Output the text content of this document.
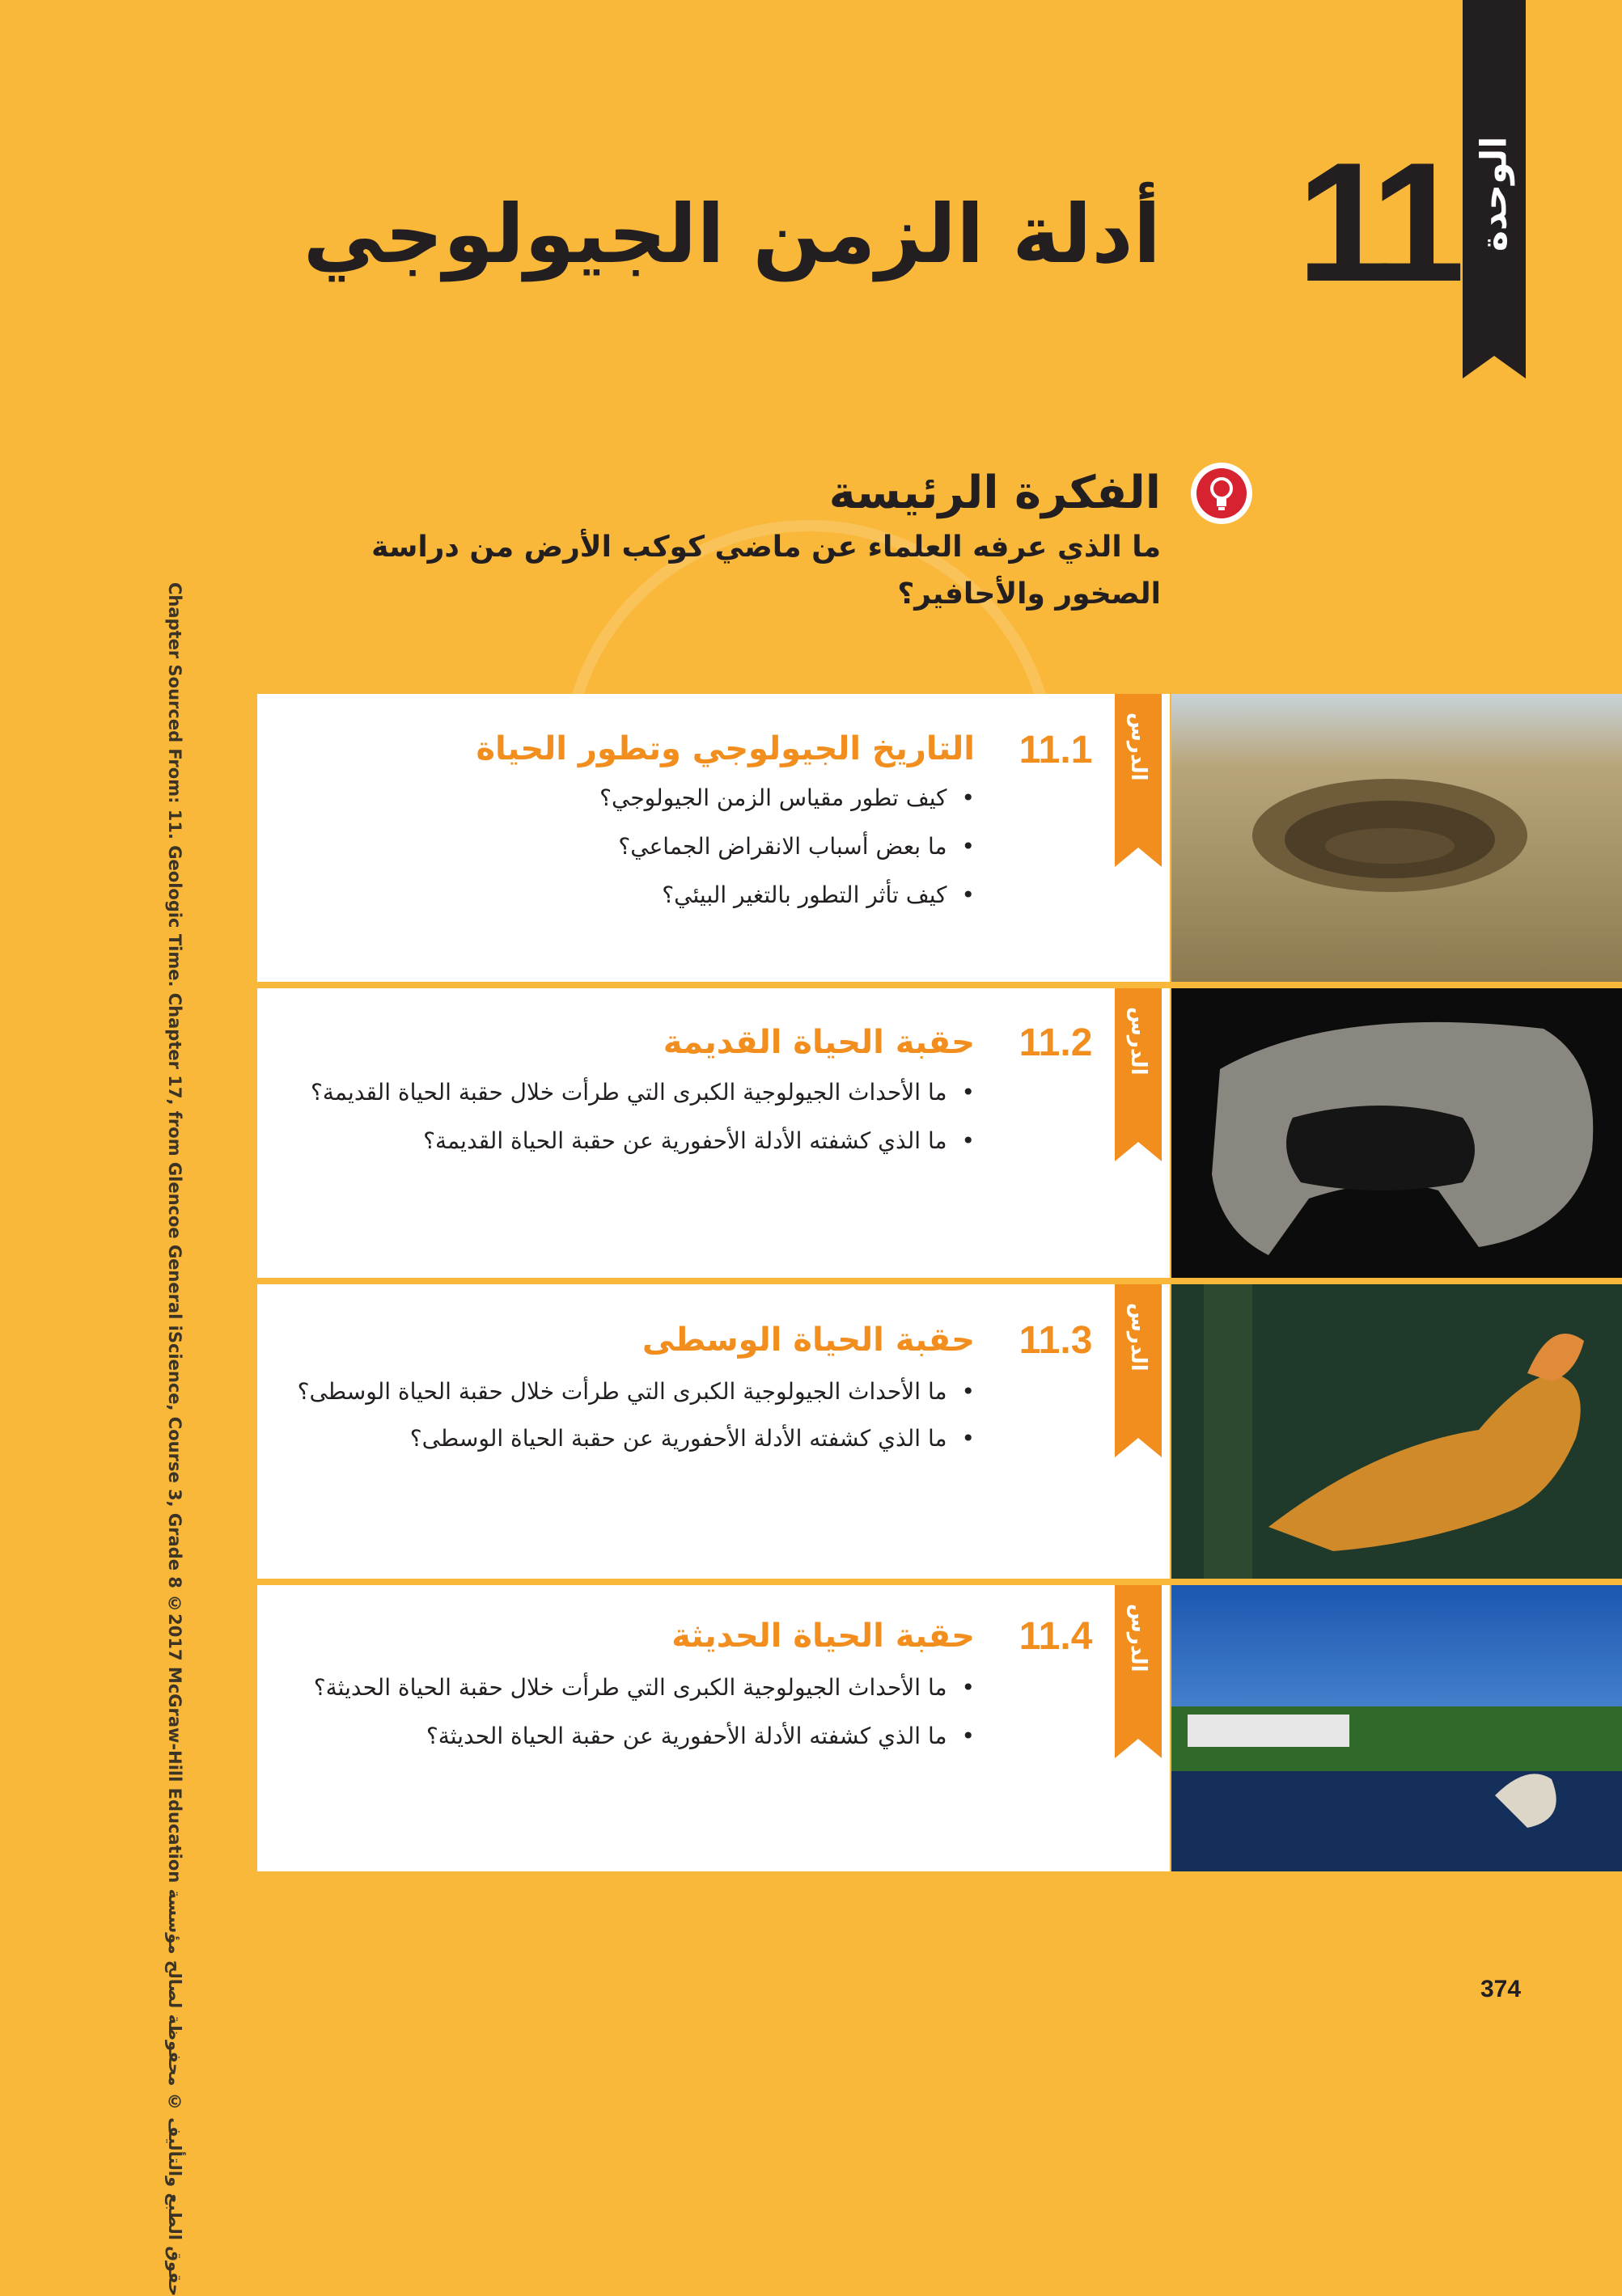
الوحدة
11
أدلة الزمن الجيولوجي
الفكرة الرئيسة
ما الذي عرفه العلماء عن ماضي كوكب الأرض من دراسة الصخور والأحافير؟
Chapter Sourced From: 11. Geologic Time. Chapter 17, from Glencoe General iScience, Course 3, Grade 8 ©2017 McGraw-Hill Education حقوق الطبع والتأليف © محفوظة لصالح مؤسسة
الدرس
11.1
التاريخ الجيولوجي وتطور الحياة
•كيف تطور مقياس الزمن الجيولوجي؟
•ما بعض أسباب الانقراض الجماعي؟
•كيف تأثر التطور بالتغير البيئي؟
الدرس
11.2
حقبة الحياة القديمة
•ما الأحداث الجيولوجية الكبرى التي طرأت خلال حقبة الحياة القديمة؟
•ما الذي كشفته الأدلة الأحفورية عن حقبة الحياة القديمة؟
الدرس
11.3
حقبة الحياة الوسطى
•ما الأحداث الجيولوجية الكبرى التي طرأت خلال حقبة الحياة الوسطى؟
•ما الذي كشفته الأدلة الأحفورية عن حقبة الحياة الوسطى؟
الدرس
11.4
حقبة الحياة الحديثة
•ما الأحداث الجيولوجية الكبرى التي طرأت خلال حقبة الحياة الحديثة؟
•ما الذي كشفته الأدلة الأحفورية عن حقبة الحياة الحديثة؟
374
